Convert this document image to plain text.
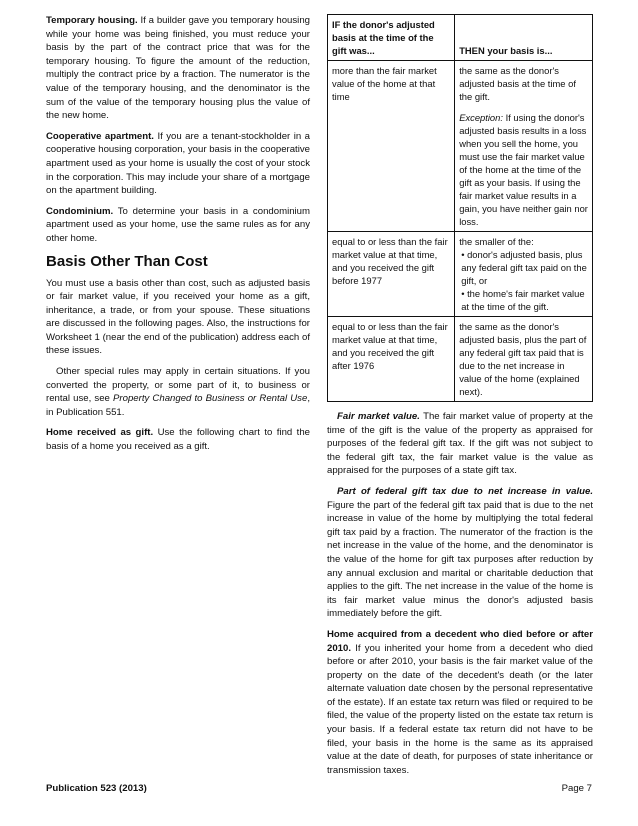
Temporary housing. If a builder gave you temporary housing while your home was being finished, you must reduce your basis by the part of the contract price that was for the temporary housing. To figure the amount of the reduction, multiply the contract price by a fraction. The numerator is the value of the temporary housing, and the denominator is the sum of the value of the temporary housing plus the value of the new home.

Cooperative apartment. If you are a tenant-stockholder in a cooperative housing corporation, your basis in the cooperative apartment used as your home is usually the cost of your stock in the corporation. This may include your share of a mortgage on the apartment building.

Condominium. To determine your basis in a condominium apartment used as your home, use the same rules as for any other home.

Basis Other Than Cost

You must use a basis other than cost, such as adjusted basis or fair market value, if you received your home as a gift, inheritance, a trade, or from your spouse. These situations are discussed in the following pages. Also, the instructions for Worksheet 1 (near the end of the publication) address each of these issues.

Other special rules may apply in certain situations. If you converted the property, or some part of it, to business or rental use, see Property Changed to Business or Rental Use, in Publication 551.

Home received as gift. Use the following chart to find the basis of a home you received as a gift.

IF the donor's adjusted basis at the time of the gift was...	THEN your basis is...
more than the fair market value of the home at that time	the same as the donor's adjusted basis at the time of the gift.
Exception: If using the donor's adjusted basis results in a loss when you sell the home, you must use the fair market value of the home at the time of the gift as your basis. If using the fair market value results in a gain, you have neither gain nor loss.
equal to or less than the fair market value at that time, and you received the gift before 1977	the smaller of the:
• donor's adjusted basis, plus any federal gift tax paid on the gift, or
• the home's fair market value at the time of the gift.

equal to or less than the fair market value at that time, and you received the gift after 1976	the same as the donor's adjusted basis, plus the part of any federal gift tax paid that is due to the net increase in value of the home (explained next).

Fair market value. The fair market value of property at the time of the gift is the value of the property as appraised for purposes of the federal gift tax. If the gift was not subject to the federal gift tax, the fair market value is the value as appraised for the purposes of a state gift tax.

Part of federal gift tax due to net increase in value. Figure the part of the federal gift tax paid that is due to the net increase in value of the home by multiplying the total federal gift tax paid by a fraction. The numerator of the fraction is the net increase in the value of the home, and the denominator is the value of the home for gift tax purposes after reduction by any annual exclusion and marital or charitable deduction that applies to the gift. The net increase in the value of the home is its fair market value minus the donor's adjusted basis immediately before the gift.

Home acquired from a decedent who died before or after 2010. If you inherited your home from a decedent who died before or after 2010, your basis is the fair market value of the property on the date of the decedent's death (or the later alternate valuation date chosen by the personal representative of the estate). If an estate tax return was filed or required to be filed, the value of the property listed on the estate tax return is your basis. If a federal estate tax return did not have to be filed, your basis in the home is the same as its appraised value at the date of death, for purposes of state inheritance or transmission taxes.

Publication 523 (2013)	Page 7
